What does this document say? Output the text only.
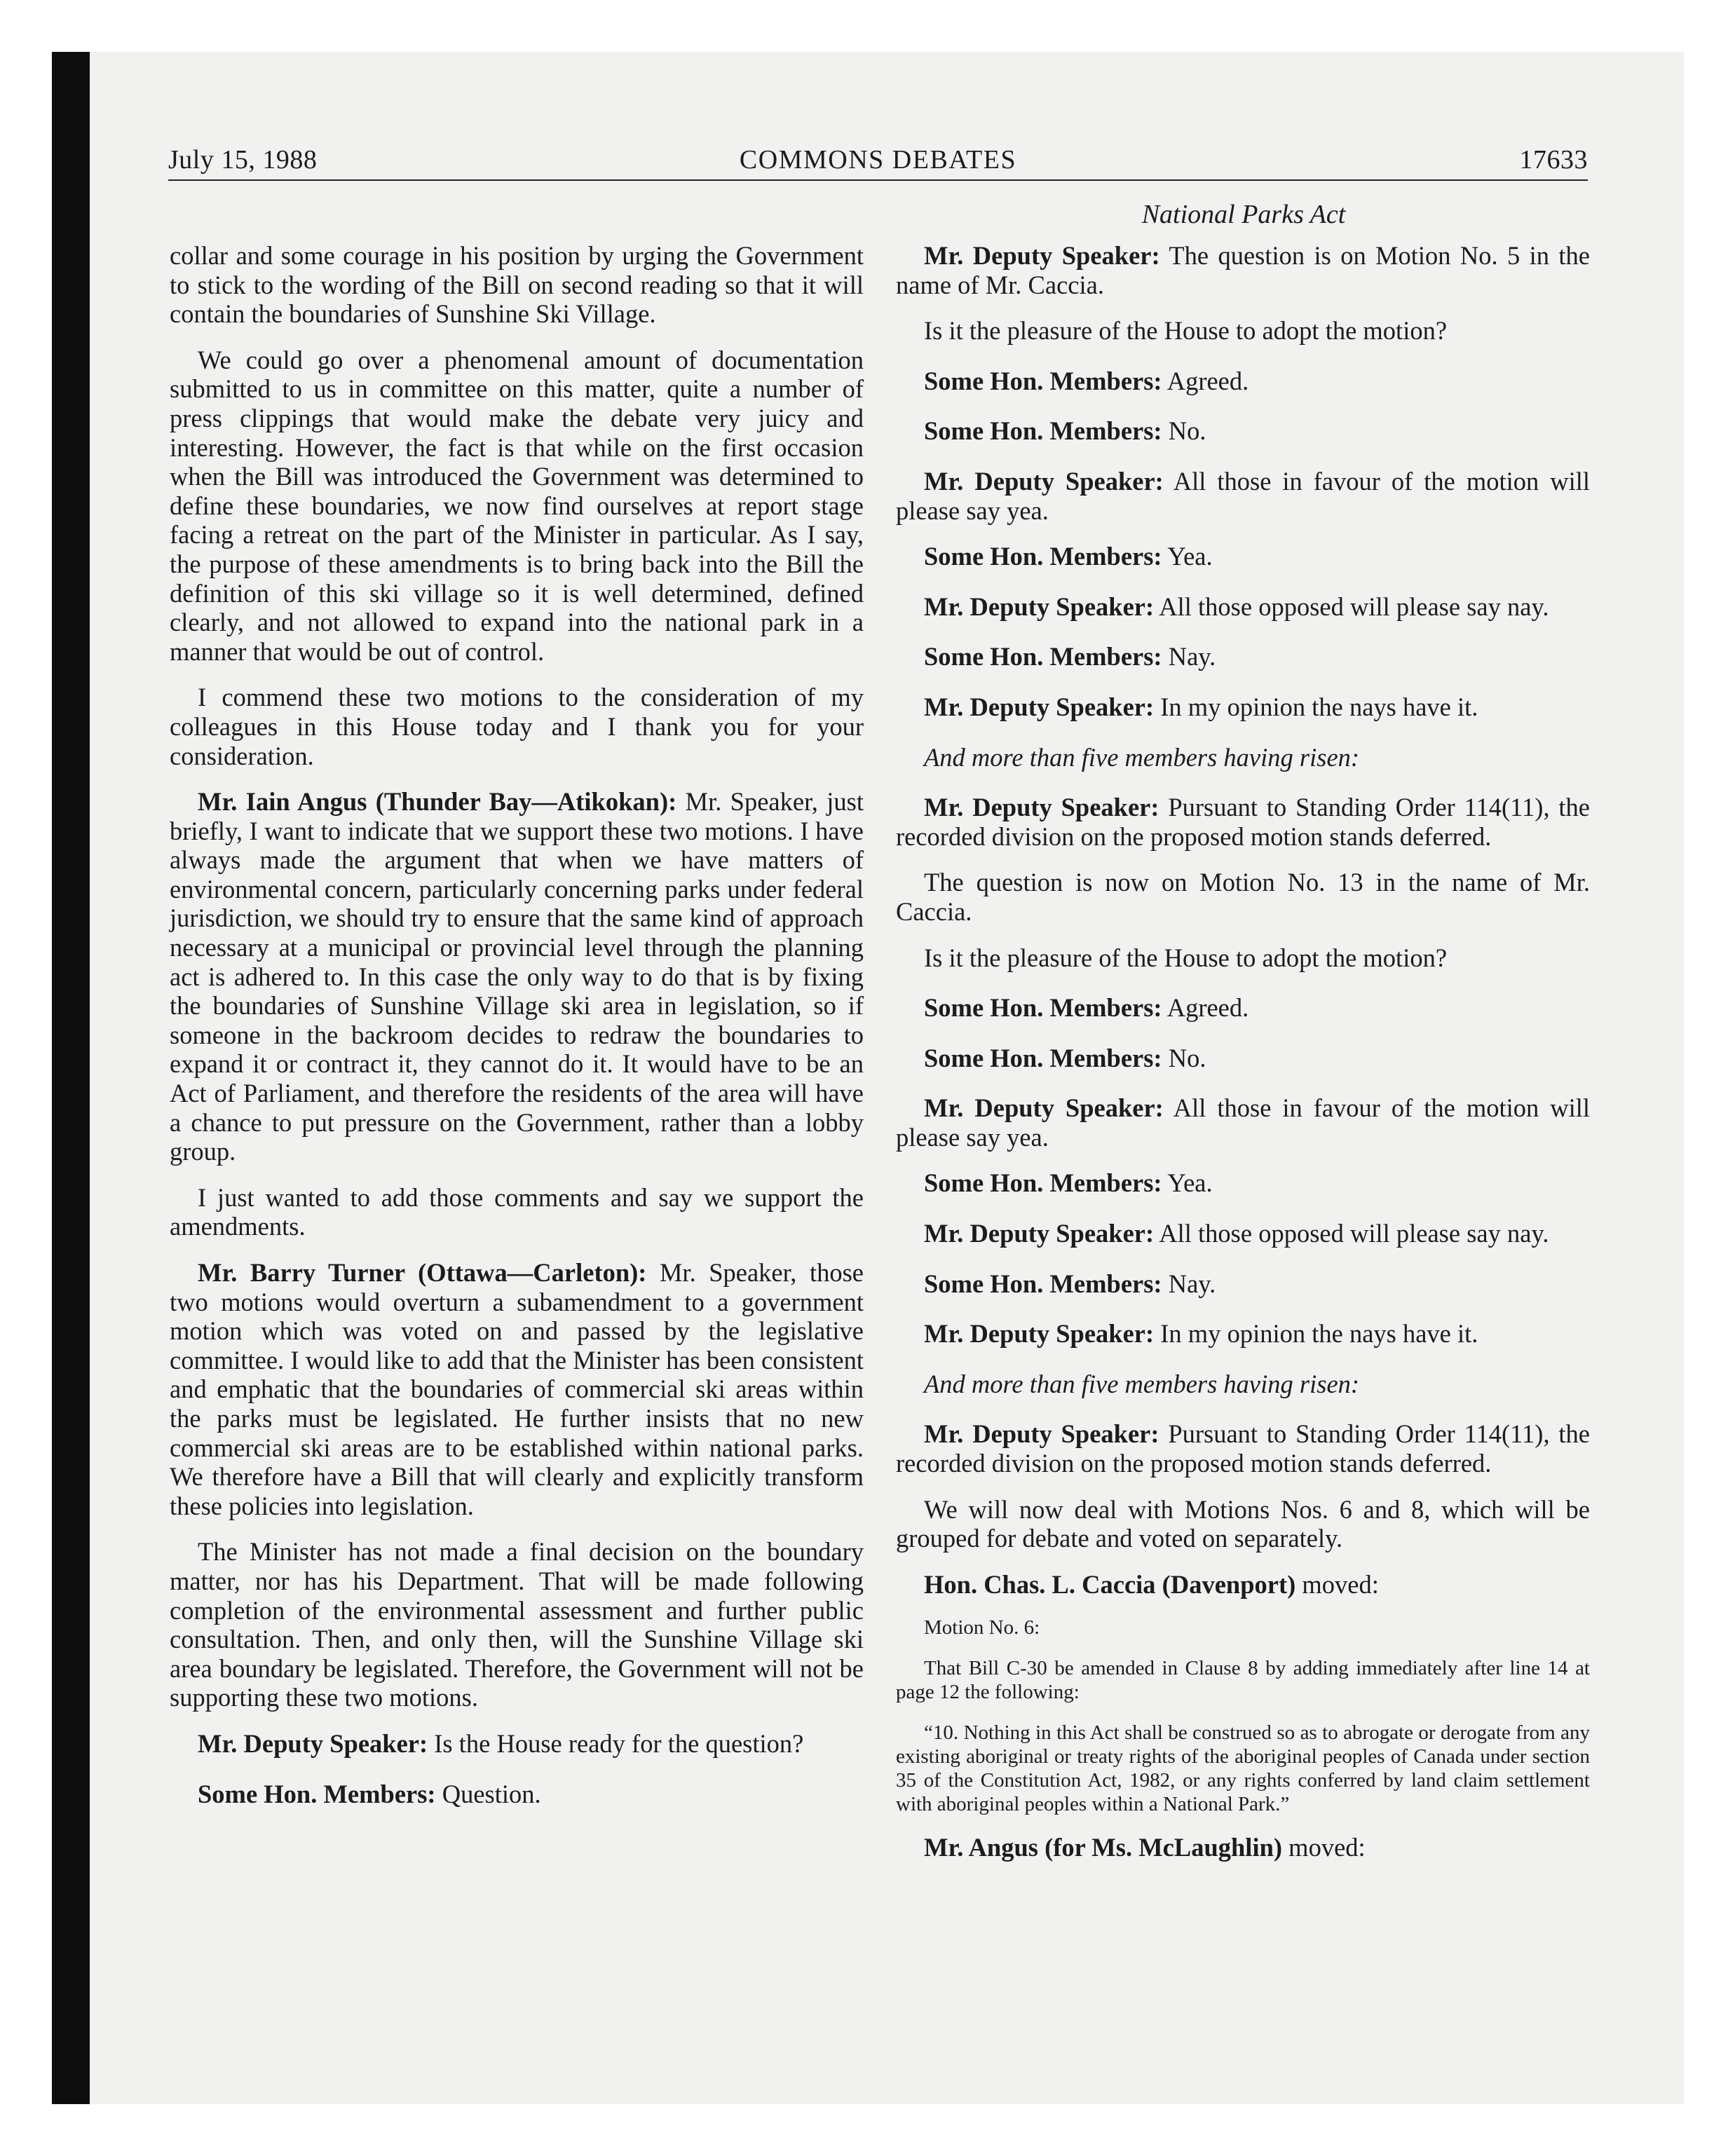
July 15, 1988	COMMONS DEBATES	17633
National Parks Act

collar and some courage in his position by urging the Government to stick to the wording of the Bill on second reading so that it will contain the boundaries of Sunshine Ski Village.

We could go over a phenomenal amount of documentation submitted to us in committee on this matter, quite a number of press clippings that would make the debate very juicy and interesting. However, the fact is that while on the first occasion when the Bill was introduced the Government was determined to define these boundaries, we now find ourselves at report stage facing a retreat on the part of the Minister in particular. As I say, the purpose of these amendments is to bring back into the Bill the definition of this ski village so it is well determined, defined clearly, and not allowed to expand into the national park in a manner that would be out of control.

I commend these two motions to the consideration of my colleagues in this House today and I thank you for your consideration.

Mr. Iain Angus (Thunder Bay—Atikokan): Mr. Speaker, just briefly, I want to indicate that we support these two motions. I have always made the argument that when we have matters of environmental concern, particularly concerning parks under federal jurisdiction, we should try to ensure that the same kind of approach necessary at a municipal or provincial level through the planning act is adhered to. In this case the only way to do that is by fixing the boundaries of Sunshine Village ski area in legislation, so if someone in the backroom decides to redraw the boundaries to expand it or contract it, they cannot do it. It would have to be an Act of Parliament, and therefore the residents of the area will have a chance to put pressure on the Government, rather than a lobby group.

I just wanted to add those comments and say we support the amendments.

Mr. Barry Turner (Ottawa—Carleton): Mr. Speaker, those two motions would overturn a subamendment to a government motion which was voted on and passed by the legislative committee. I would like to add that the Minister has been consistent and emphatic that the boundaries of commercial ski areas within the parks must be legislated. He further insists that no new commercial ski areas are to be established within national parks. We therefore have a Bill that will clearly and explicitly transform these policies into legislation.

The Minister has not made a final decision on the boundary matter, nor has his Department. That will be made following completion of the environmental assessment and further public consultation. Then, and only then, will the Sunshine Village ski area boundary be legislated. Therefore, the Government will not be supporting these two motions.

Mr. Deputy Speaker: Is the House ready for the question?

Some Hon. Members: Question.

Mr. Deputy Speaker: The question is on Motion No. 5 in the name of Mr. Caccia.

Is it the pleasure of the House to adopt the motion?

Some Hon. Members: Agreed.

Some Hon. Members: No.

Mr. Deputy Speaker: All those in favour of the motion will please say yea.

Some Hon. Members: Yea.

Mr. Deputy Speaker: All those opposed will please say nay.

Some Hon. Members: Nay.

Mr. Deputy Speaker: In my opinion the nays have it.

And more than five members having risen:

Mr. Deputy Speaker: Pursuant to Standing Order 114(11), the recorded division on the proposed motion stands deferred.

The question is now on Motion No. 13 in the name of Mr. Caccia.

Is it the pleasure of the House to adopt the motion?

Some Hon. Members: Agreed.

Some Hon. Members: No.

Mr. Deputy Speaker: All those in favour of the motion will please say yea.

Some Hon. Members: Yea.

Mr. Deputy Speaker: All those opposed will please say nay.

Some Hon. Members: Nay.

Mr. Deputy Speaker: In my opinion the nays have it.

And more than five members having risen:

Mr. Deputy Speaker: Pursuant to Standing Order 114(11), the recorded division on the proposed motion stands deferred.

We will now deal with Motions Nos. 6 and 8, which will be grouped for debate and voted on separately.

Hon. Chas. L. Caccia (Davenport) moved:

Motion No. 6:

That Bill C-30 be amended in Clause 8 by adding immediately after line 14 at page 12 the following:

“10. Nothing in this Act shall be construed so as to abrogate or derogate from any existing aboriginal or treaty rights of the aboriginal peoples of Canada under section 35 of the Constitution Act, 1982, or any rights conferred by land claim settlement with aboriginal peoples within a National Park.”

Mr. Angus (for Ms. McLaughlin) moved:
